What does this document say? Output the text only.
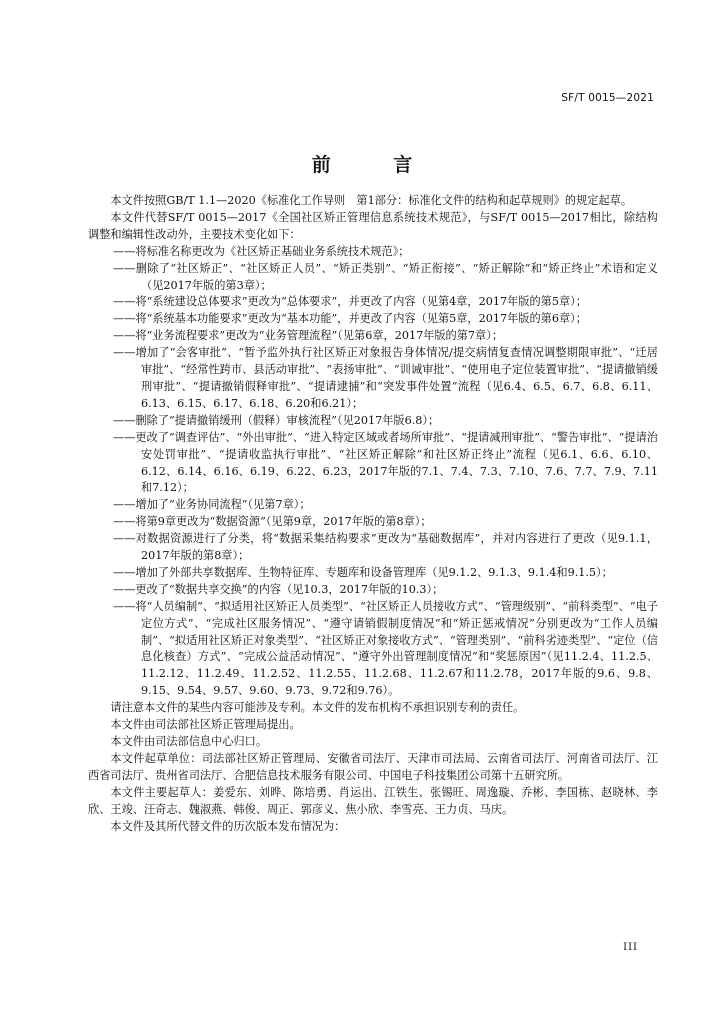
SF/T 0015—2021
前 言

本文件按照GB/T 1.1—2020《标准化工作导则　第1部分：标准化文件的结构和起草规则》的规定起草。

本文件代替SF/T 0015—2017《全国社区矫正管理信息系统技术规范》，与SF/T 0015—2017相比，除结构调整和编辑性改动外，主要技术变化如下：

——将标准名称更改为《社区矫正基础业务系统技术规范》；

——删除了“社区矫正”、“社区矫正人员”、“矫正类别”、“矫正衔接”、“矫正解除”和“矫正终止”术语和定义（见2017年版的第3章）；

——将“系统建设总体要求”更改为“总体要求”，并更改了内容（见第4章，2017年版的第5章）；

——将“系统基本功能要求”更改为“基本功能”，并更改了内容（见第5章，2017年版的第6章）；

——将“业务流程要求”更改为“业务管理流程”（见第6章，2017年版的第7章）；

——增加了“会客审批”、“暂予监外执行社区矫正对象报告身体情况/提交病情复查情况调整期限审批”、“迁居审批”、“经常性跨市、县活动审批”、“表扬审批”、“训诫审批”、“使用电子定位装置审批”、“提请撤销缓刑审批”、“提请撤销假释审批”、“提请逮捕”和“突发事件处置”流程（见6.4、6.5、6.7、6.8、6.11、6.13、6.15、6.17、6.18、6.20和6.21）；

——删除了“提请撤销缓刑（假释）审核流程”（见2017年版6.8）；

——更改了“调查评估”、“外出审批”、“进入特定区域或者场所审批”、“提请减刑审批”、“警告审批”、“提请治安处罚审批”、“提请收监执行审批”、“社区矫正解除”和社区矫正终止”流程（见6.1、6.6、6.10、6.12、6.14、6.16、6.19、6.22、6.23，2017年版的7.1、7.4、7.3、7.10、7.6、7.7、7.9、7.11和7.12）；

——增加了“业务协同流程”（见第7章）；

——将第9章更改为“数据资源”（见第9章，2017年版的第8章）；

——对数据资源进行了分类，将“数据采集结构要求”更改为“基础数据库”，并对内容进行了更改（见9.1.1，2017年版的第8章）；

——增加了外部共享数据库、生物特征库、专题库和设备管理库（见9.1.2、9.1.3、9.1.4和9.1.5）；

——更改了“数据共享交换”的内容（见10.3，2017年版的10.3）；

——将“人员编制”、“拟适用社区矫正人员类型”、“社区矫正人员接收方式”、“管理级别”、“前科类型”、“电子定位方式”、“完成社区服务情况”、“遵守请销假制度情况”和“矫正惩戒情况”分别更改为“工作人员编制”、“拟适用社区矫正对象类型”、“社区矫正对象接收方式”、“管理类别”、“前科劣迹类型”、“定位（信息化核查）方式”、“完成公益活动情况”、“遵守外出管理制度情况”和“奖惩原因”（见11.2.4、11.2.5、11.2.12、11.2.49、11.2.52、11.2.55、11.2.68、11.2.67和11.2.78，2017年版的9.6、9.8、9.15、9.54、9.57、9.60、9.73、9.72和9.76）。

请注意本文件的某些内容可能涉及专利。本文件的发布机构不承担识别专利的责任。

本文件由司法部社区矫正管理局提出。

本文件由司法部信息中心归口。

本文件起草单位：司法部社区矫正管理局、安徽省司法厅、天津市司法局、云南省司法厅、河南省司法厅、江西省司法厅、贵州省司法厅、合肥信息技术服务有限公司、中国电子科技集团公司第十五研究所。

本文件主要起草人：姜爱东、刘晔、陈培勇、肖运出、江铁生、张锡旺、周逸璇、乔彬、李国栋、赵晓林、李欣、王竣、汪奇志、魏淑燕、韩俊、周正、郭彦义、焦小欣、李雪亮、王力贞、马庆。

本文件及其所代替文件的历次版本发布情况为：

III
